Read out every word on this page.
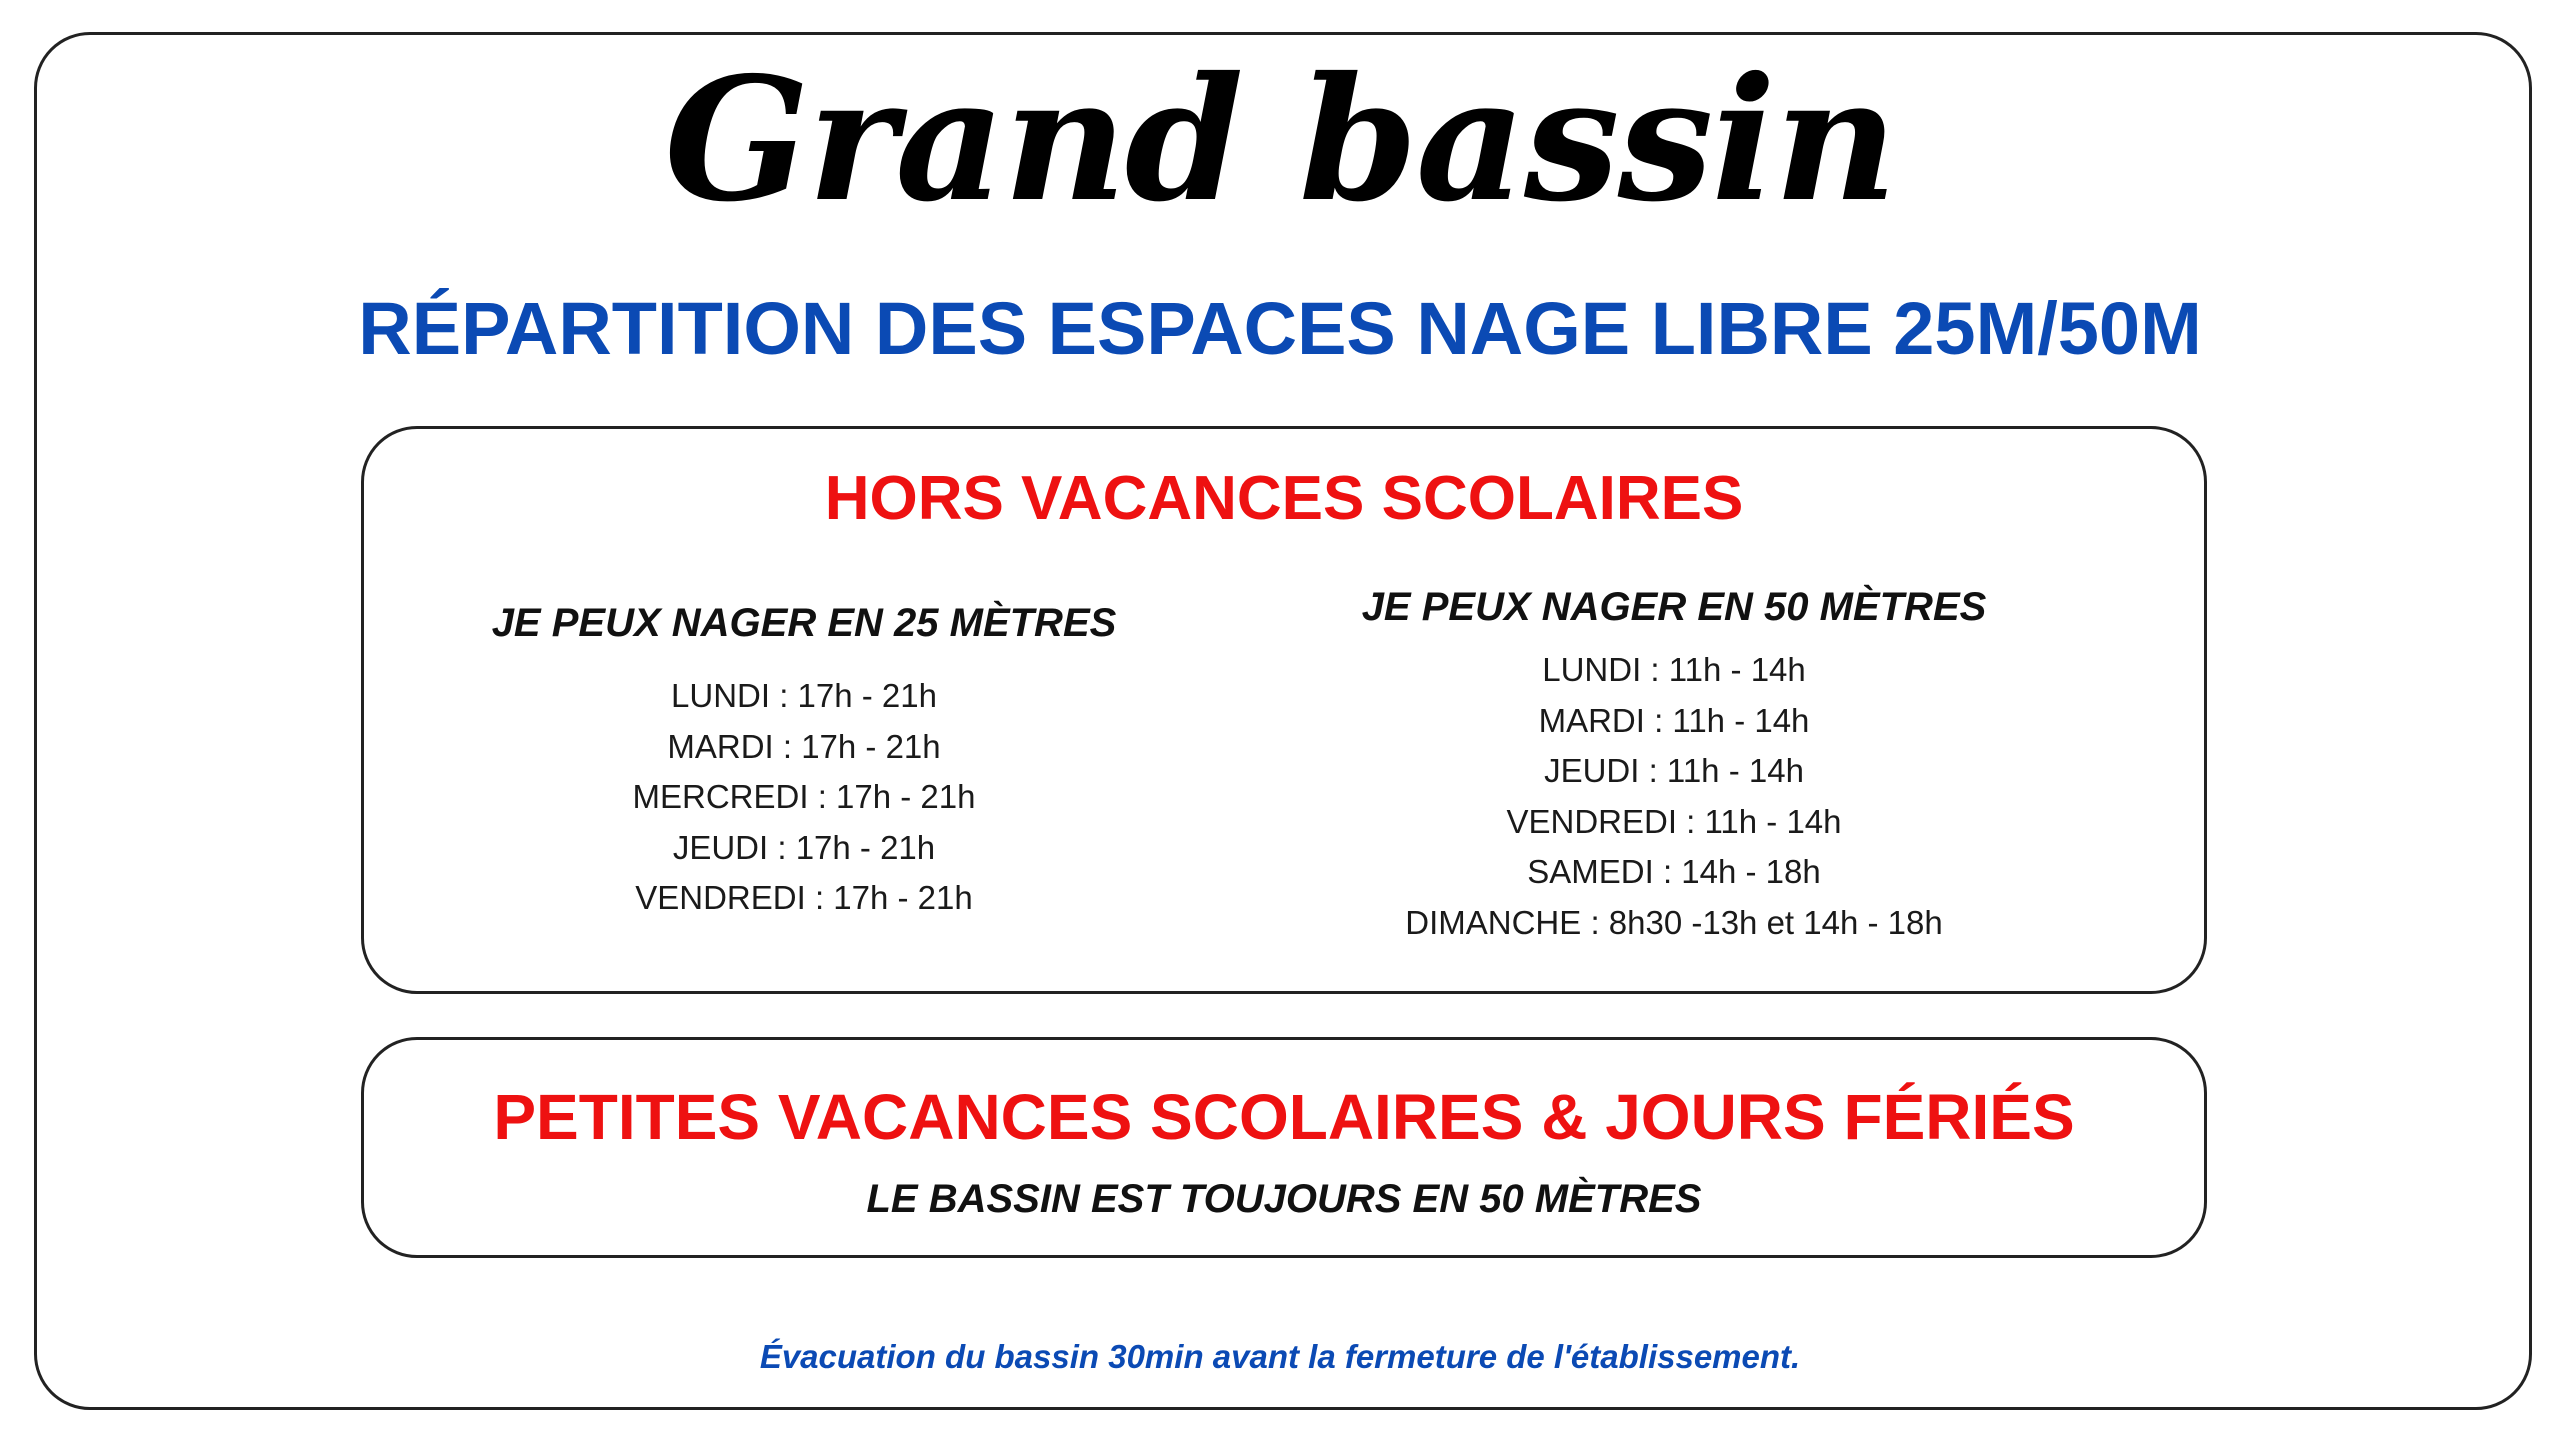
Grand bassin
RÉPARTITION DES ESPACES NAGE LIBRE 25M/50M
HORS VACANCES SCOLAIRES
JE PEUX NAGER EN 25 MÈTRES
LUNDI : 17h - 21h
MARDI : 17h - 21h
MERCREDI : 17h - 21h
JEUDI : 17h - 21h
VENDREDI : 17h - 21h
JE PEUX NAGER EN 50 MÈTRES
LUNDI : 11h - 14h
MARDI : 11h - 14h
JEUDI : 11h - 14h
VENDREDI : 11h - 14h
SAMEDI : 14h - 18h
DIMANCHE : 8h30 -13h et 14h - 18h
PETITES VACANCES SCOLAIRES & JOURS FÉRIÉS
LE BASSIN EST TOUJOURS EN 50 MÈTRES
Évacuation du bassin 30min avant la fermeture de l'établissement.
